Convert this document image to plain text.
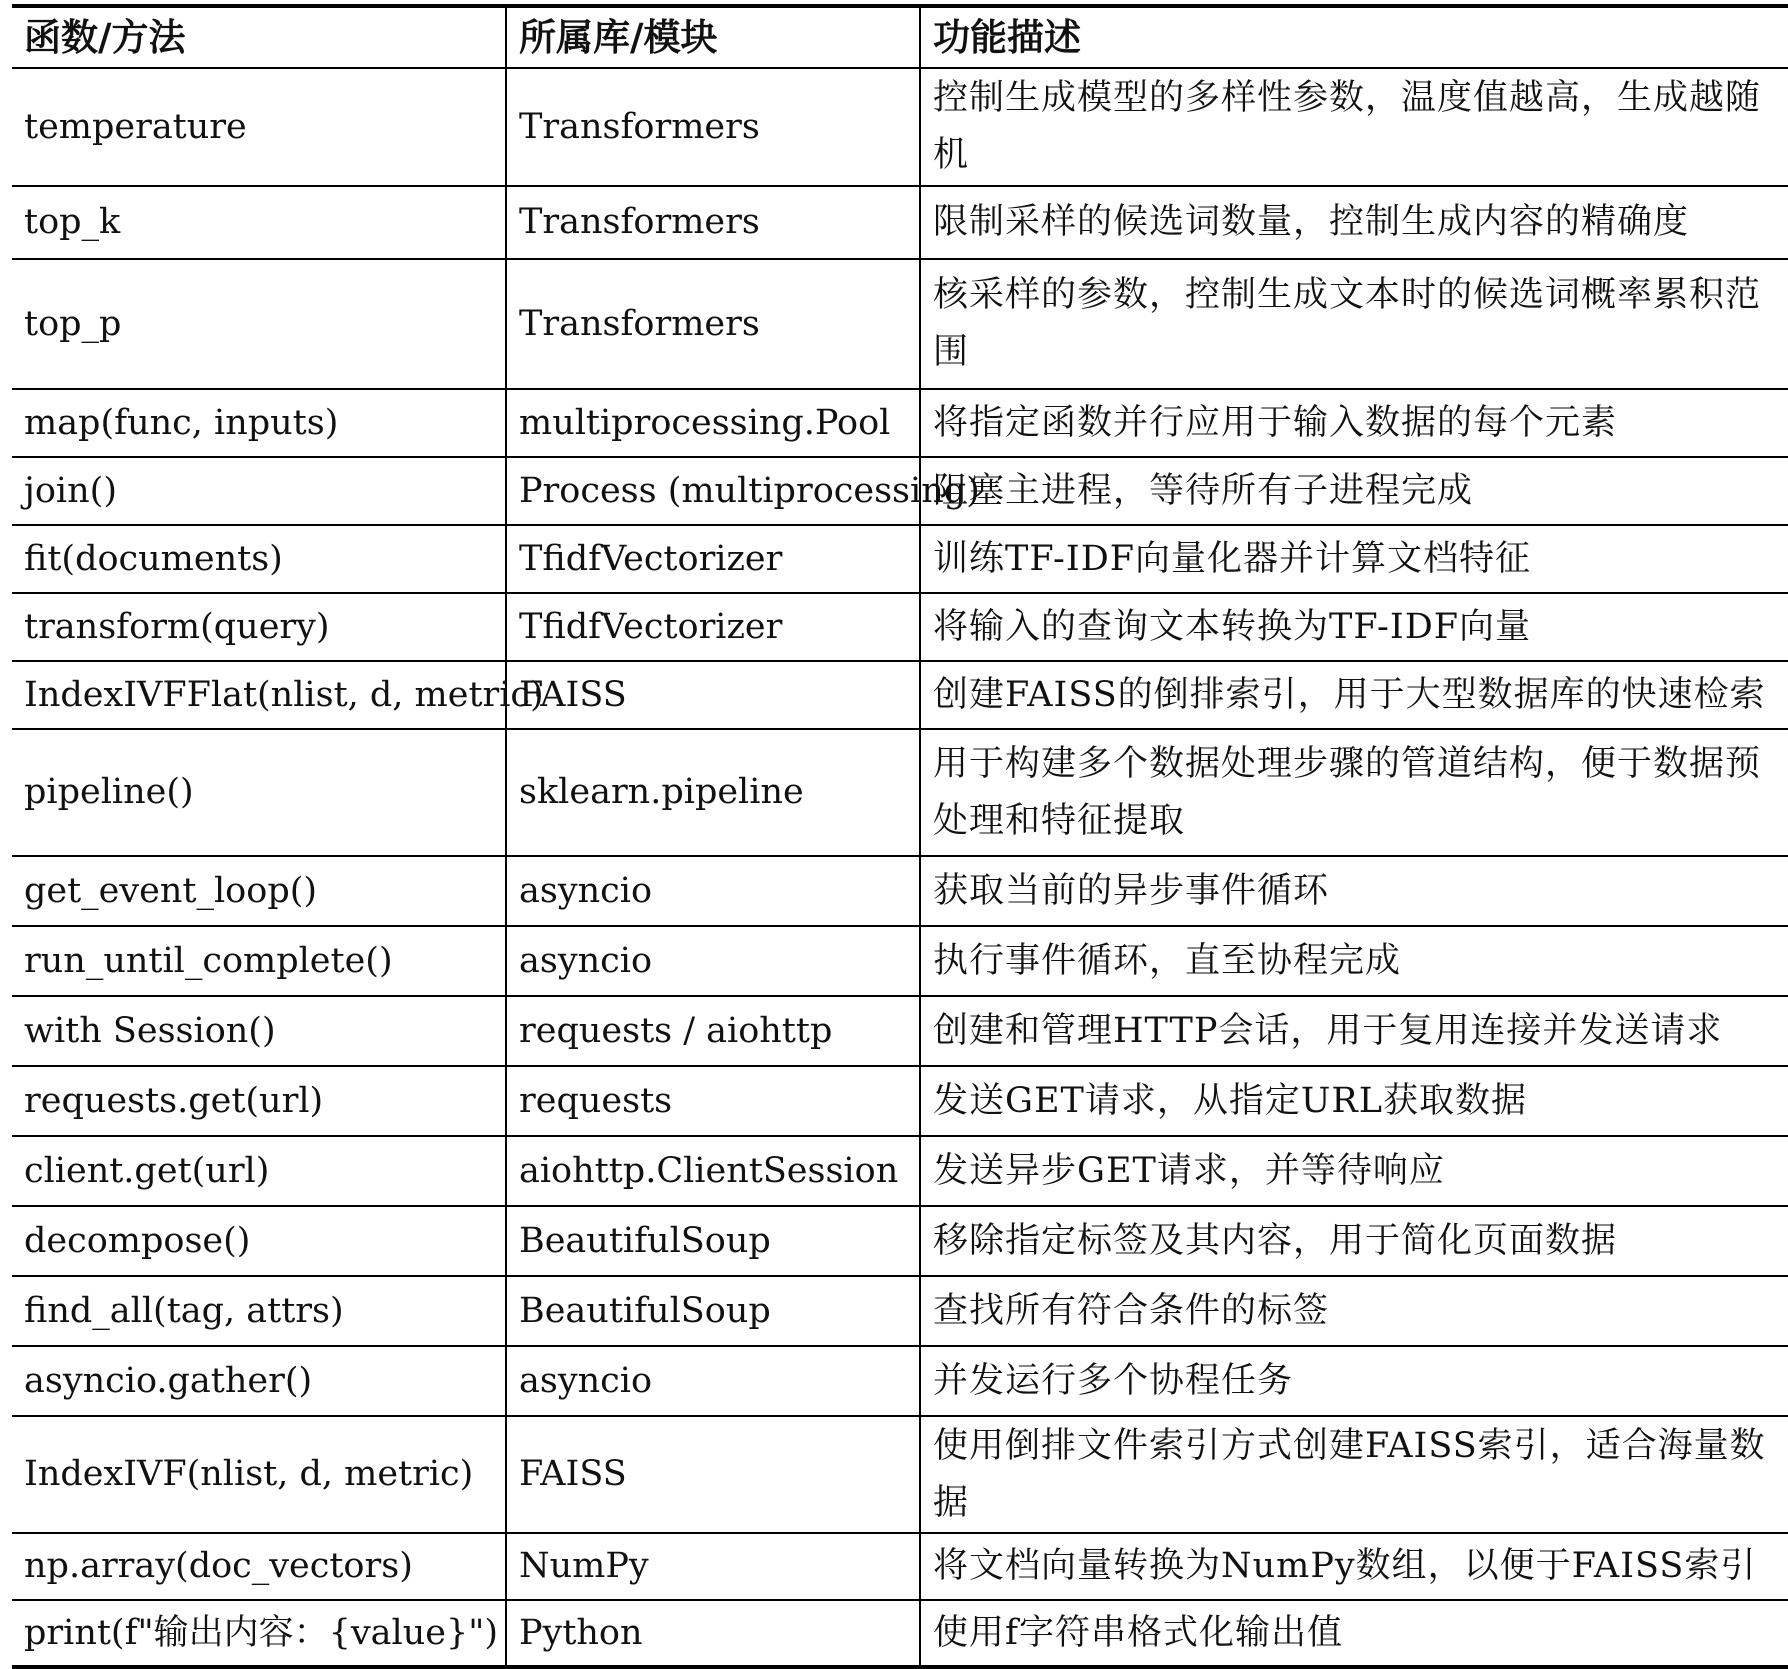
函数/方法	所属库/模块	功能描述
temperature	Transformers	控制生成模型的多样性参数，温度值越高，生成越随机
top_k	Transformers	限制采样的候选词数量，控制生成内容的精确度
top_p	Transformers	核采样的参数，控制生成文本时的候选词概率累积范围
map(func, inputs)	multiprocessing.Pool	将指定函数并行应用于输入数据的每个元素
join()	Process (multiprocessing)	阻塞主进程，等待所有子进程完成
fit(documents)	TfidfVectorizer	训练TF-IDF向量化器并计算文档特征
transform(query)	TfidfVectorizer	将输入的查询文本转换为TF-IDF向量
IndexIVFFlat(nlist, d, metric)	FAISS	创建FAISS的倒排索引，用于大型数据库的快速检索
pipeline()	sklearn.pipeline	用于构建多个数据处理步骤的管道结构，便于数据预处理和特征提取
get_event_loop()	asyncio	获取当前的异步事件循环
run_until_complete()	asyncio	执行事件循环，直至协程完成
with Session()	requests / aiohttp	创建和管理HTTP会话，用于复用连接并发送请求
requests.get(url)	requests	发送GET请求，从指定URL获取数据
client.get(url)	aiohttp.ClientSession	发送异步GET请求，并等待响应
decompose()	BeautifulSoup	移除指定标签及其内容，用于简化页面数据
find_all(tag, attrs)	BeautifulSoup	查找所有符合条件的标签
asyncio.gather()	asyncio	并发运行多个协程任务
IndexIVF(nlist, d, metric)	FAISS	使用倒排文件索引方式创建FAISS索引，适合海量数据
np.array(doc_vectors)	NumPy	将文档向量转换为NumPy数组，以便于FAISS索引
print(f"输出内容：{value}")	Python	使用f字符串格式化输出值
